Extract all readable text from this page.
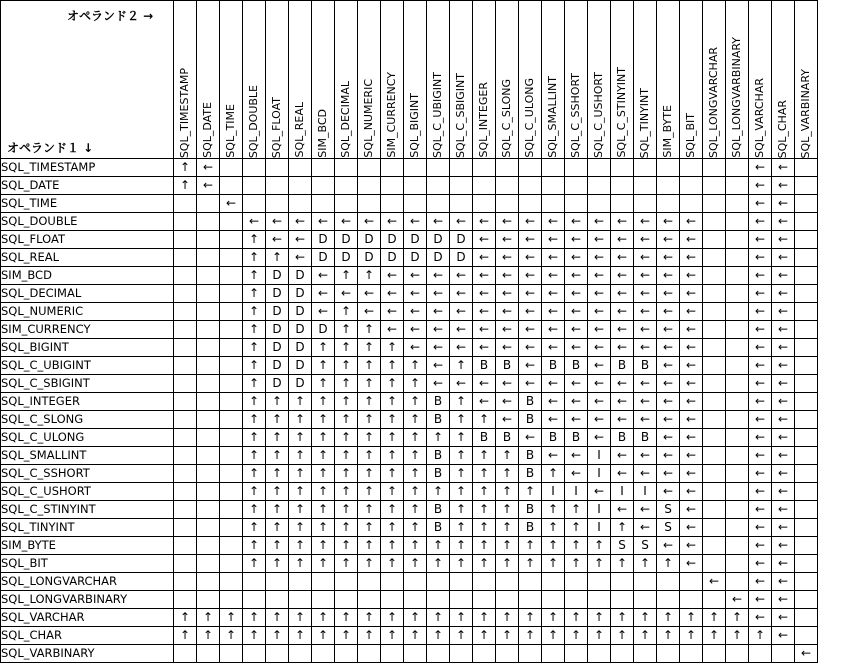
オペランド２ →
オペランド１ ↓	SQL_TIMESTAMP	SQL_DATE	SQL_TIME	SQL_DOUBLE	SQL_FLOAT	SQL_REAL	SIM_BCD	SQL_DECIMAL	SQL_NUMERIC	SIM_CURRENCY	SQL_BIGINT	SQL_C_UBIGINT	SQL_C_SBIGINT	SQL_INTEGER	SQL_C_SLONG	SQL_C_ULONG	SQL_SMALLINT	SQL_C_SSHORT	SQL_C_USHORT	SQL_C_STINYINT	SQL_TINYINT	SIM_BYTE	SQL_BIT	SQL_LONGVARCHAR	SQL_LONGVARBINARY	SQL_VARCHAR	SQL_CHAR	SQL_VARBINARY

SQL_TIMESTAMP	↑	←																								←	←	
SQL_DATE	↑	←																								←	←	
SQL_TIME			←																							←	←	
SQL_DOUBLE				←	←	←	←	←	←	←	←	←	←	←	←	←	←	←	←	←	←	←	←			←	←	
SQL_FLOAT				↑	←	←	D	D	D	D	D	D	D	←	←	←	←	←	←	←	←	←	←			←	←	
SQL_REAL				↑	↑	←	D	D	D	D	D	D	D	←	←	←	←	←	←	←	←	←	←			←	←	
SIM_BCD				↑	D	D	←	↑	↑	←	←	←	←	←	←	←	←	←	←	←	←	←	←			←	←	
SQL_DECIMAL				↑	D	D	←	←	←	←	←	←	←	←	←	←	←	←	←	←	←	←	←			←	←	
SQL_NUMERIC				↑	D	D	←	↑	←	←	←	←	←	←	←	←	←	←	←	←	←	←	←			←	←	
SIM_CURRENCY				↑	D	D	D	↑	↑	←	←	←	←	←	←	←	←	←	←	←	←	←	←			←	←	
SQL_BIGINT				↑	D	D	↑	↑	↑	↑	←	←	←	←	←	←	←	←	←	←	←	←	←			←	←	
SQL_C_UBIGINT				↑	D	D	↑	↑	↑	↑	↑	←	↑	B	B	←	B	B	←	B	B	←	←			←	←	
SQL_C_SBIGINT				↑	D	D	↑	↑	↑	↑	↑	←	←	←	←	←	←	←	←	←	←	←	←			←	←	
SQL_INTEGER				↑	↑	↑	↑	↑	↑	↑	↑	B	↑	←	←	B	←	←	←	←	←	←	←			←	←	
SQL_C_SLONG				↑	↑	↑	↑	↑	↑	↑	↑	B	↑	↑	←	B	←	←	←	←	←	←	←			←	←	
SQL_C_ULONG				↑	↑	↑	↑	↑	↑	↑	↑	↑	↑	B	B	←	B	B	←	B	B	←	←			←	←	
SQL_SMALLINT				↑	↑	↑	↑	↑	↑	↑	↑	B	↑	↑	↑	B	←	←	I	←	←	←	←			←	←	
SQL_C_SSHORT				↑	↑	↑	↑	↑	↑	↑	↑	B	↑	↑	↑	B	↑	←	I	←	←	←	←			←	←	
SQL_C_USHORT				↑	↑	↑	↑	↑	↑	↑	↑	↑	↑	↑	↑	↑	I	I	←	I	I	←	←			←	←	
SQL_C_STINYINT				↑	↑	↑	↑	↑	↑	↑	↑	B	↑	↑	↑	B	↑	↑	I	←	←	S	←			←	←	
SQL_TINYINT				↑	↑	↑	↑	↑	↑	↑	↑	B	↑	↑	↑	B	↑	↑	I	↑	←	S	←			←	←	
SIM_BYTE				↑	↑	↑	↑	↑	↑	↑	↑	↑	↑	↑	↑	↑	↑	↑	↑	S	S	←	←			←	←	
SQL_BIT				↑	↑	↑	↑	↑	↑	↑	↑	↑	↑	↑	↑	↑	↑	↑	↑	↑	↑	↑	←			←	←	
SQL_LONGVARCHAR																								←		←	←	
SQL_LONGVARBINARY																									←	←	←	
SQL_VARCHAR	↑	↑	↑	↑	↑	↑	↑	↑	↑	↑	↑	↑	↑	↑	↑	↑	↑	↑	↑	↑	↑	↑	↑	↑	↑	←	←	
SQL_CHAR	↑	↑	↑	↑	↑	↑	↑	↑	↑	↑	↑	↑	↑	↑	↑	↑	↑	↑	↑	↑	↑	↑	↑	↑	↑	↑	←	
SQL_VARBINARY																												←
